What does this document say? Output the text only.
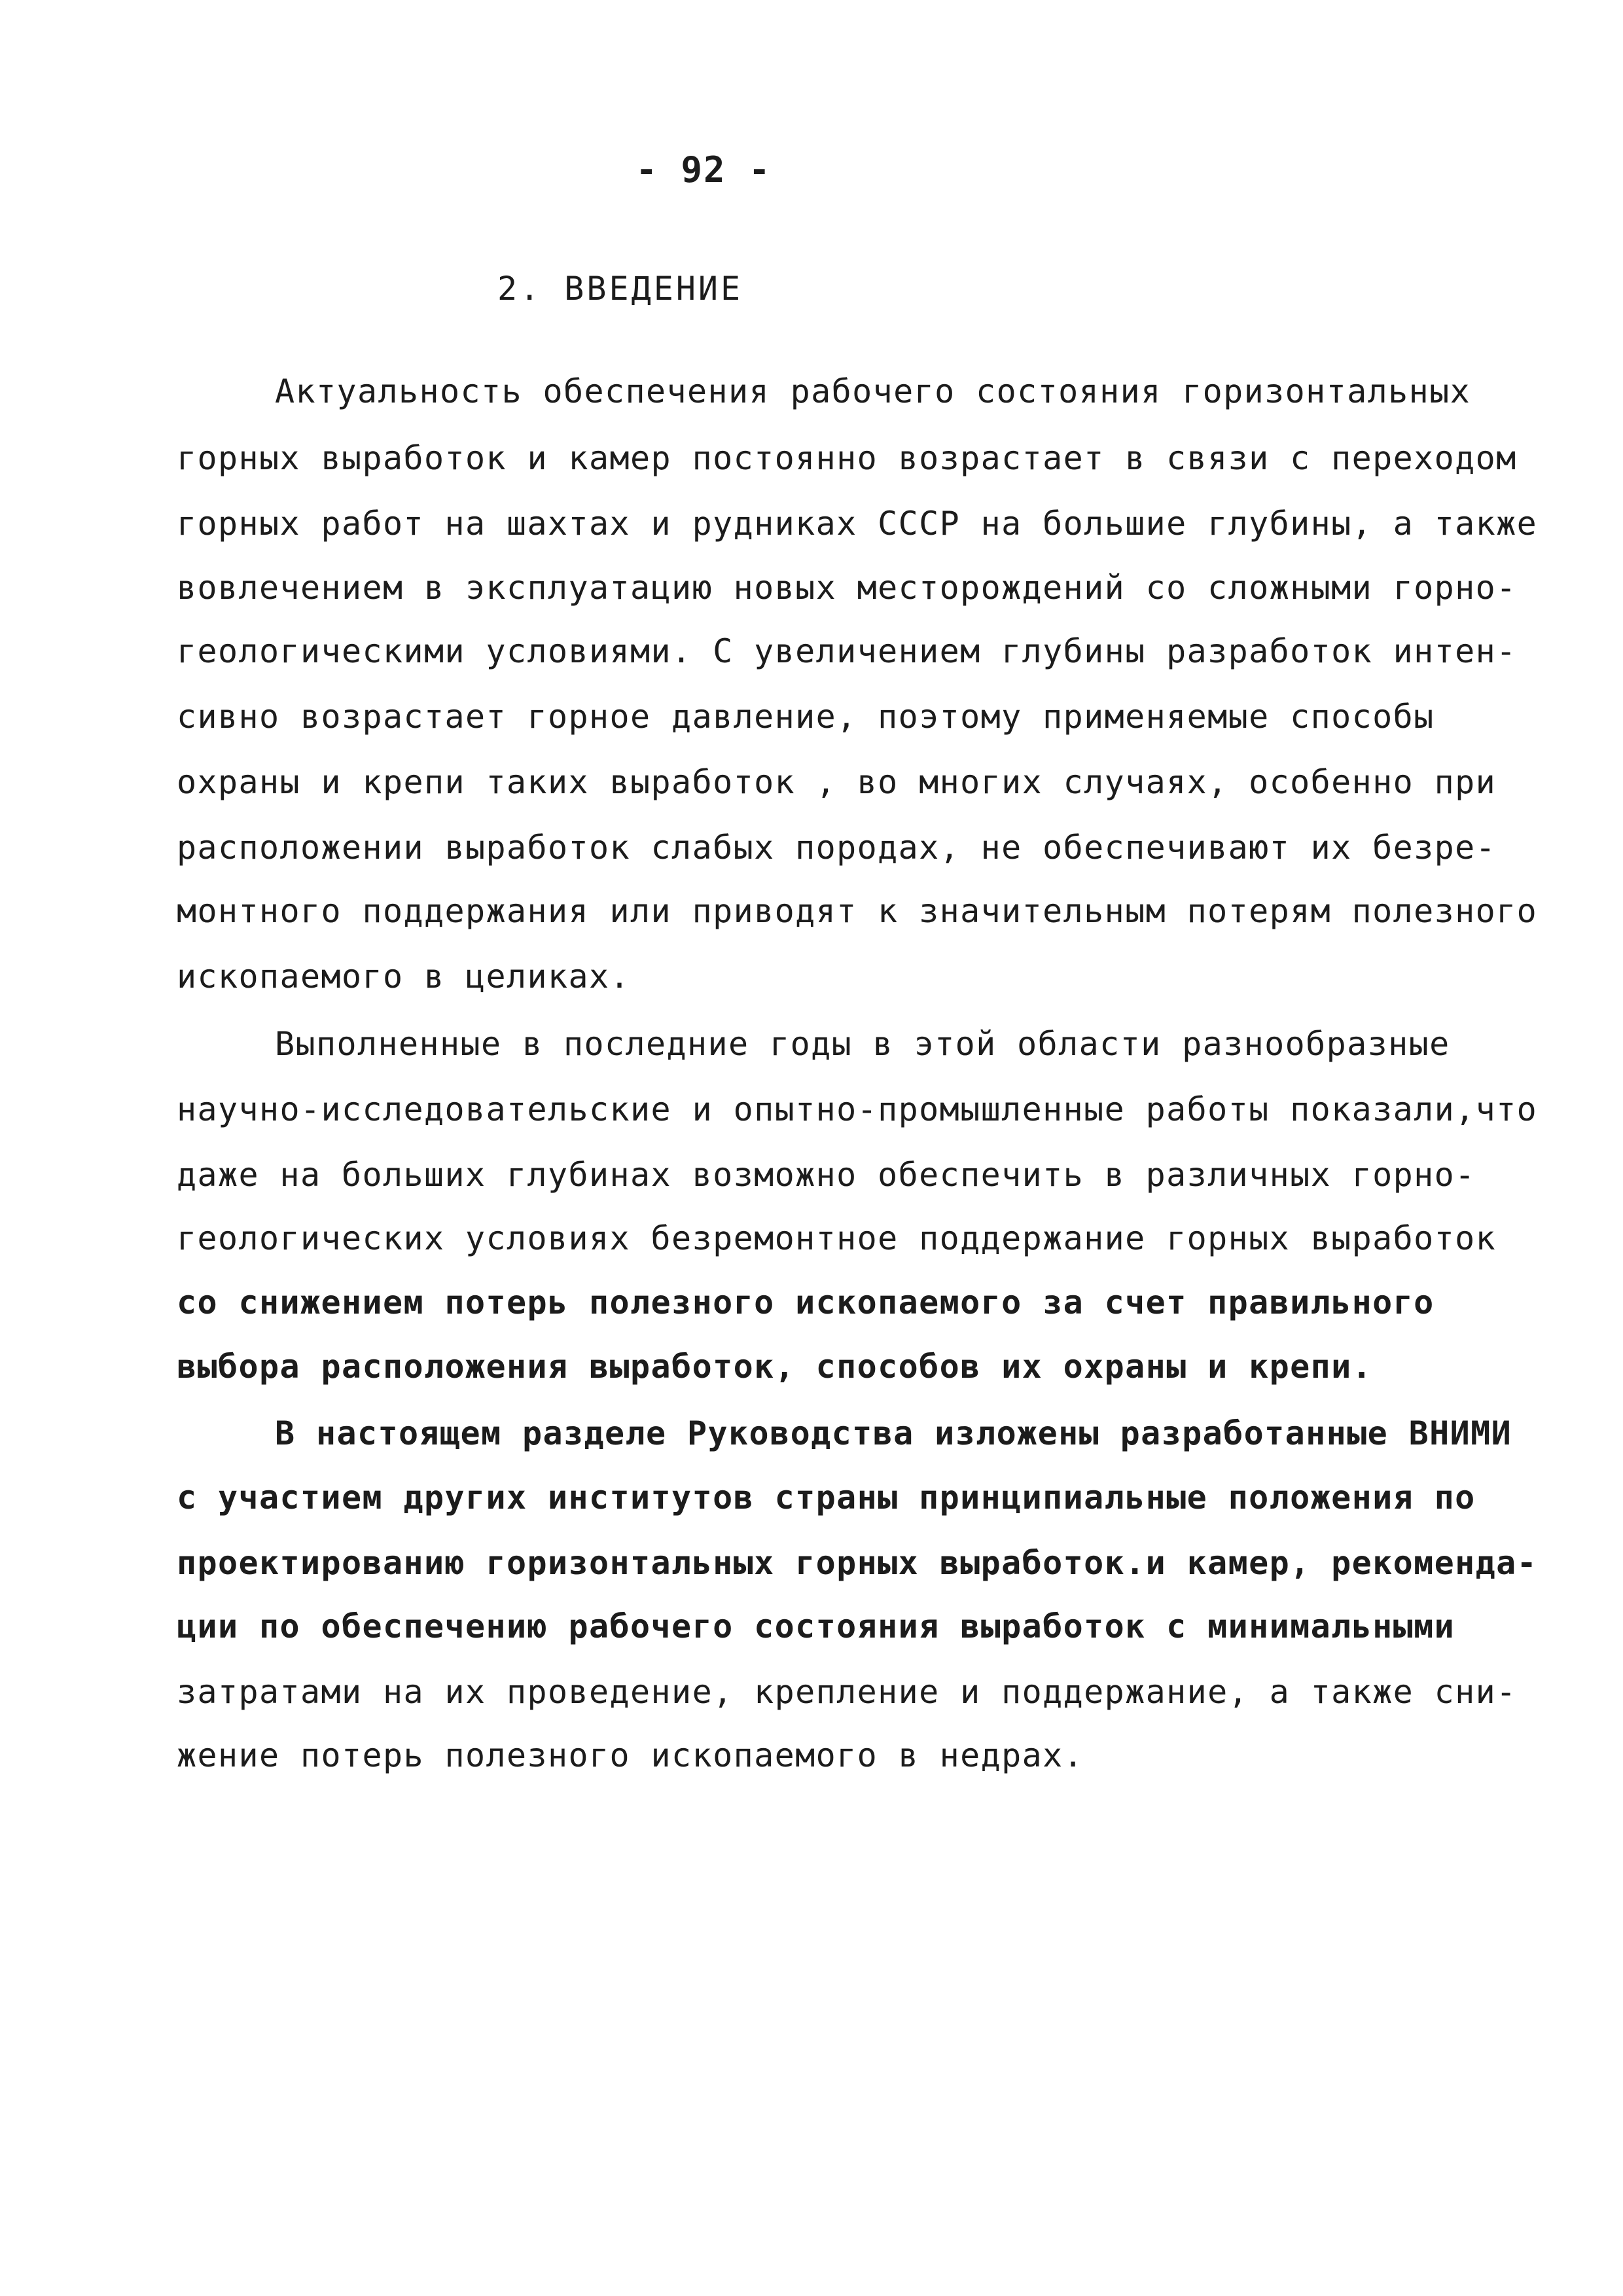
- 92 -
2. ВВЕДЕНИЕ
Актуальность обеспечения рабочего состояния горизонтальных
горных выработок и камер постоянно возрастает в связи с переходом
горных работ на шахтах и рудниках СССР на большие глубины, а также
вовлечением в эксплуатацию новых месторождений со сложными горно-
геологическими условиями. С увеличением глубины разработок интен-
сивно возрастает горное давление, поэтому применяемые способы
охраны и крепи таких выработок , во многих случаях, особенно при
расположении выработок слабых породах, не обеспечивают их безре-
монтного поддержания или приводят к значительным потерям полезного
ископаемого в целиках.
Выполненные в последние годы в этой области разнообразные
научно-исследовательские и опытно-промышленные работы показали,что
даже на больших глубинах возможно обеспечить в различных горно-
геологических условиях безремонтное поддержание горных выработок
со снижением потерь полезного ископаемого за счет правильного
выбора расположения выработок, способов их охраны и крепи.
В настоящем разделе Руководства изложены разработанные ВНИМИ
с участием других институтов страны принципиальные положения по
проектированию горизонтальных горных выработок.и камер, рекоменда-
ции по обеспечению рабочего состояния выработок с минимальными
затратами на их проведение, крепление и поддержание, а также сни-
жение потерь полезного ископаемого в недрах.
